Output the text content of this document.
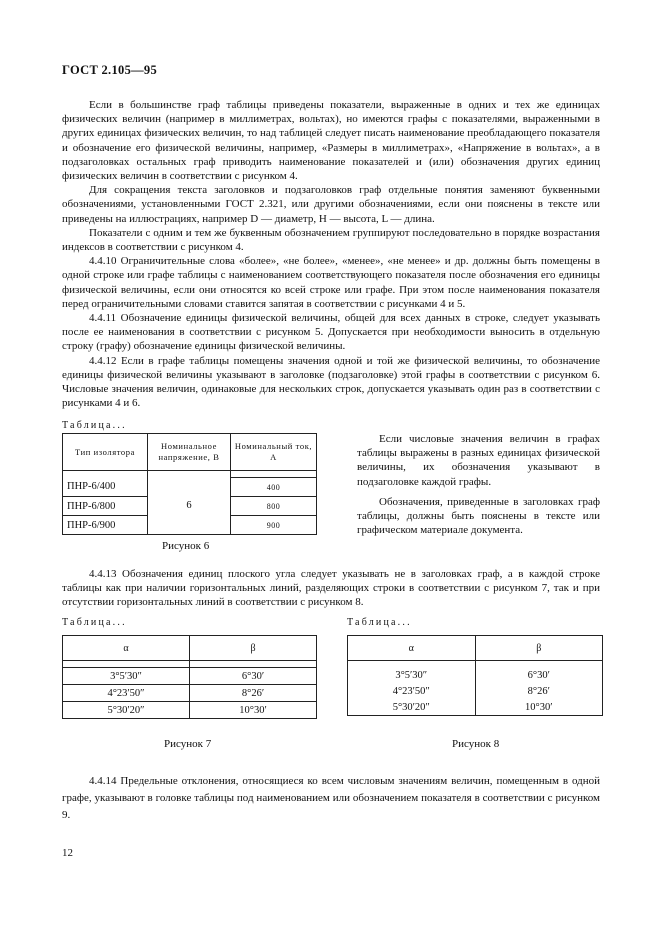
ГОСТ 2.105—95

Если в большинстве граф таблицы приведены показатели, выраженные в одних и тех же единицах физических величин (например в миллиметрах, вольтах), но имеются графы с показателями, выраженными в других единицах физических величин, то над таблицей следует писать наименование преобладающего показателя и обозначение его физической величины, например, «Размеры в миллиметрах», «Напряжение в вольтах», а в подзаголовках остальных граф приводить наименование показателей и (или) обозначения других единиц физических величин в соответствии с рисунком 4.

Для сокращения текста заголовков и подзаголовков граф отдельные понятия заменяют буквенными обозначениями, установленными ГОСТ 2.321, или другими обозначениями, если они пояснены в тексте или приведены на иллюстрациях, например D — диаметр, H — высота, L — длина.

Показатели с одним и тем же буквенным обозначением группируют последовательно в порядке возрастания индексов в соответствии с рисунком 4.

4.4.10 Ограничительные слова «более», «не более», «менее», «не менее» и др. должны быть помещены в одной строке или графе таблицы с наименованием соответствующего показателя после обозначения его единицы физической величины, если они относятся ко всей строке или графе. При этом после наименования показателя перед ограничительными словами ставится запятая в соответствии с рисунками 4 и 5.

4.4.11 Обозначение единицы физической величины, общей для всех данных в строке, следует указывать после ее наименования в соответствии с рисунком 5. Допускается при необходимости выносить в отдельную строку (графу) обозначение единицы физической величины.

4.4.12 Если в графе таблицы помещены значения одной и той же физической величины, то обозначение единицы физической величины указывают в заголовке (подзаголовке) этой графы в соответствии с рисунком 6. Числовые значения величин, одинаковые для нескольких строк, допускается указывать один раз в соответствии с рисунками 4 и 6.

Таблица...
Тип изолятора	Номинальное напряжение, В	Номинальный ток, А

ПНР-6/400	6	400
ПНР-6/800		800
ПНР-6/900		900
Рисунок 6

Если числовые значения величин в графах таблицы выражены в разных единицах физической величины, их обозначения указывают в подзаголовке каждой графы.

Обозначения, приведенные в заголовках граф таблицы, должны быть пояснены в тексте или графическом материале документа.

4.4.13 Обозначения единиц плоского угла следует указывать не в заголовках граф, а в каждой строке таблицы как при наличии горизонтальных линий, разделяющих строки в соответствии с рисунком 7, так и при отсутствии горизонтальных линий в соответствии с рисунком 8.

Таблица...
α	β

3°5′30″	6°30′
4°23′50″	8°26′
5°30′20″	10°30′
Рисунок 7
Таблица...
α	β

3°5′30″	6°30′
4°23′50″	8°26′
5°30′20″	10°30′
Рисунок 8

4.4.14 Предельные отклонения, относящиеся ко всем числовым значениям величин, помещенным в одной графе, указывают в головке таблицы под наименованием или обозначением показателя в соответствии с рисунком 9.

12
